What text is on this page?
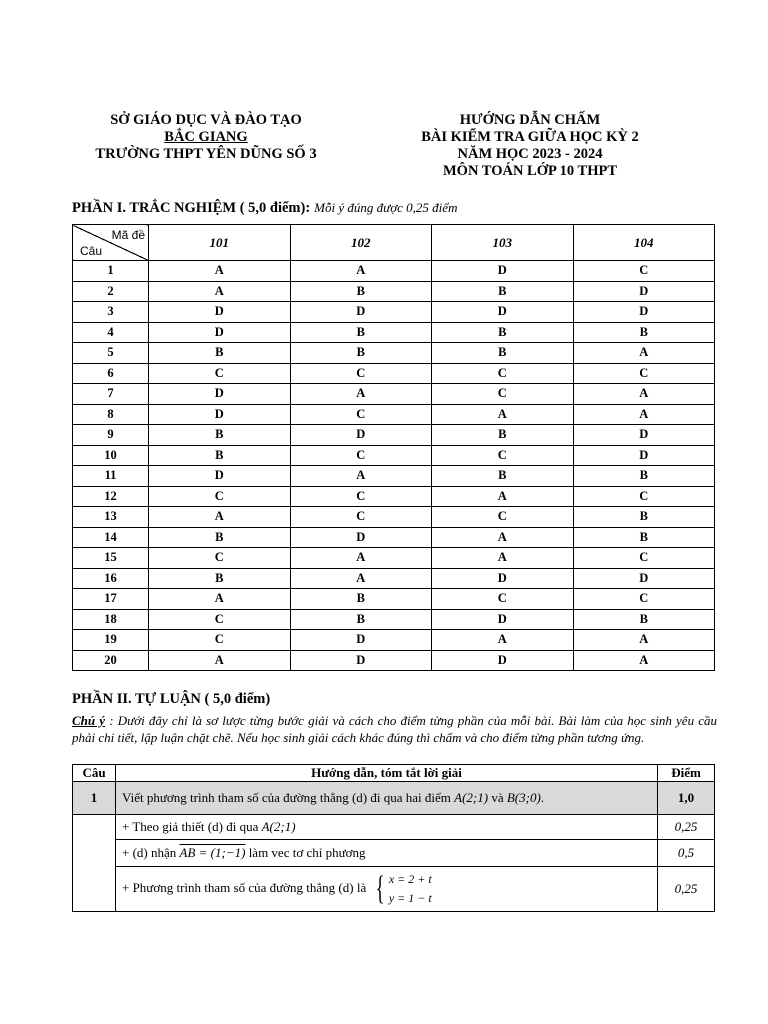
SỞ GIÁO DỤC VÀ ĐÀO TẠO
BẮC GIANG
TRƯỜNG THPT YÊN DŨNG SỐ 3
HƯỚNG DẪN CHẤM
BÀI KIỂM TRA GIỮA HỌC KỲ 2
NĂM HỌC 2023 - 2024
MÔN TOÁN LỚP 10 THPT
PHẦN I. TRẮC NGHIỆM ( 5,0 điểm): Mỗi ý đúng được 0,25 điểm
Mã đề
Câu	101	102	103	104
1	A	A	D	C
2	A	B	B	D
3	D	D	D	D
4	D	B	B	B
5	B	B	B	A
6	C	C	C	C
7	D	A	C	A
8	D	C	A	A
9	B	D	B	D
10	B	C	C	D
11	D	A	B	B
12	C	C	A	C
13	A	C	C	B
14	B	D	A	B
15	C	A	A	C
16	B	A	D	D
17	A	B	C	C
18	C	B	D	B
19	C	D	A	A
20	A	D	D	A
PHẦN II. TỰ LUẬN ( 5,0 điểm)
Chú ý : Dưới đây chỉ là sơ lược từng bước giải và cách cho điểm từng phần của mỗi bài. Bài làm của học sinh yêu cầu phải chi tiết, lập luận chặt chẽ. Nếu học sinh giải cách khác đúng thì chấm và cho điểm từng phần tương ứng.
Câu	Hướng dẫn, tóm tắt lời giải	Điểm
1	Viết phương trình tham số của đường thẳng (d) đi qua hai điểm A(2;1) và B(3;0).	1,0
	+ Theo giả thiết (d) đi qua A(2;1)	0,25
	+ (d) nhận AB = (1;−1) làm vec tơ chỉ phương	0,5
	+ Phương trình tham số của đường thẳng (d) là { x = 2 + t
y = 1 − t	0,25
